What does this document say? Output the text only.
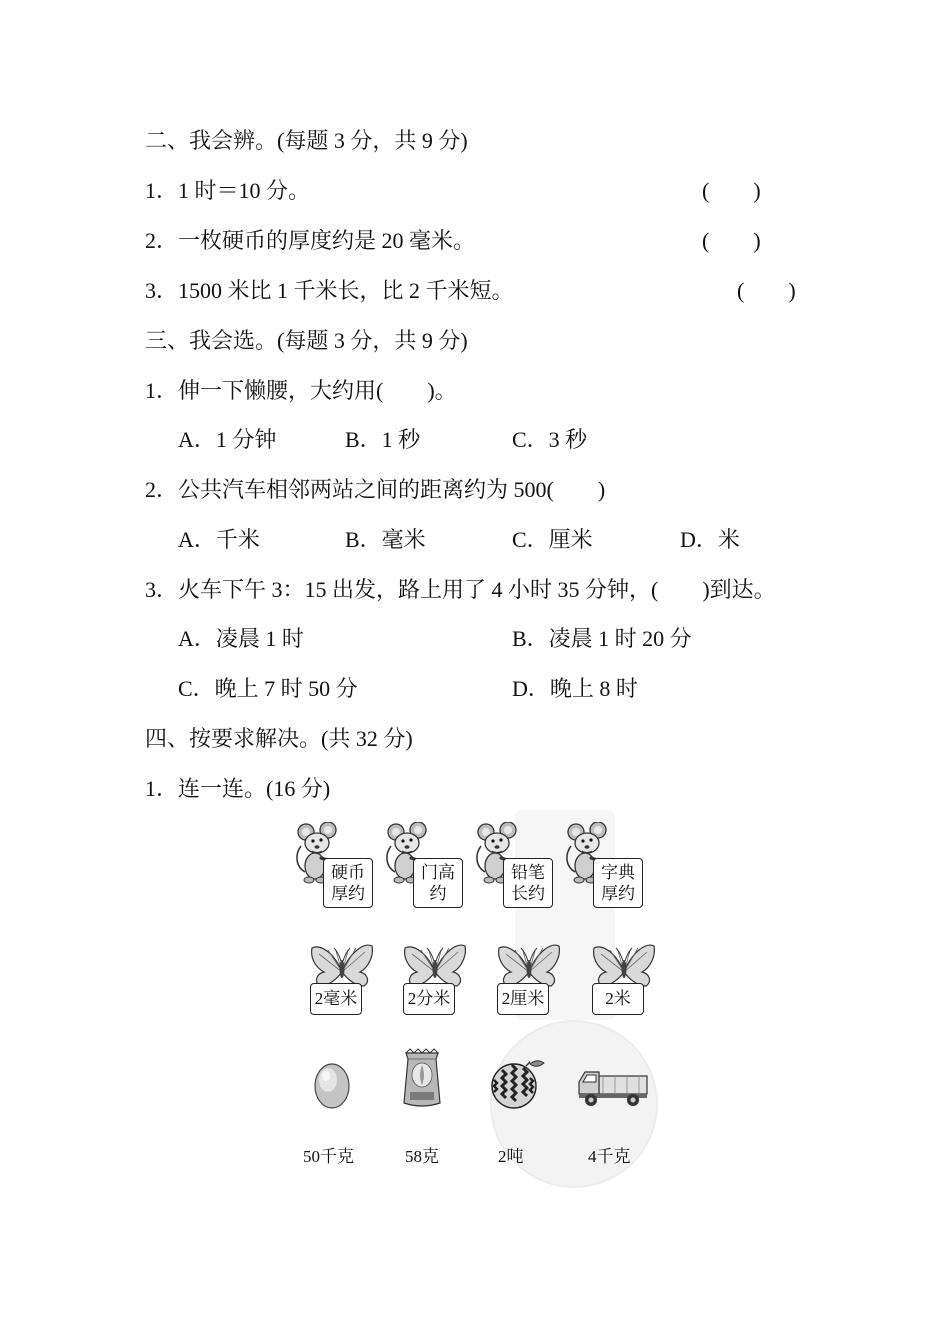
二、我会辨。(每题 3 分，共 9 分)
1．1 时＝10 分。	(　　)
2．一枚硬币的厚度约是 20 毫米。	(　　)
3．1500 米比 1 千米长，比 2 千米短。	(　　)
三、我会选。(每题 3 分，共 9 分)
1．伸一下懒腰，大约用(　　)。
A．1 分钟	B．1 秒	C．3 秒
2．公共汽车相邻两站之间的距离约为 500(　　)
A．千米	B．毫米	C．厘米	D．米
3．火车下午 3：15 出发，路上用了 4 小时 35 分钟，(　　)到达。
A．凌晨 1 时	B．凌晨 1 时 20 分
C．晚上 7 时 50 分	D．晚上 8 时
四、按要求解决。(共 32 分)
1．连一连。(16 分)
硬币
厚约
门高
约
铅笔
长约
字典
厚约
2毫米	2分米	2厘米	2米
50千克	58克	2吨	4千克
